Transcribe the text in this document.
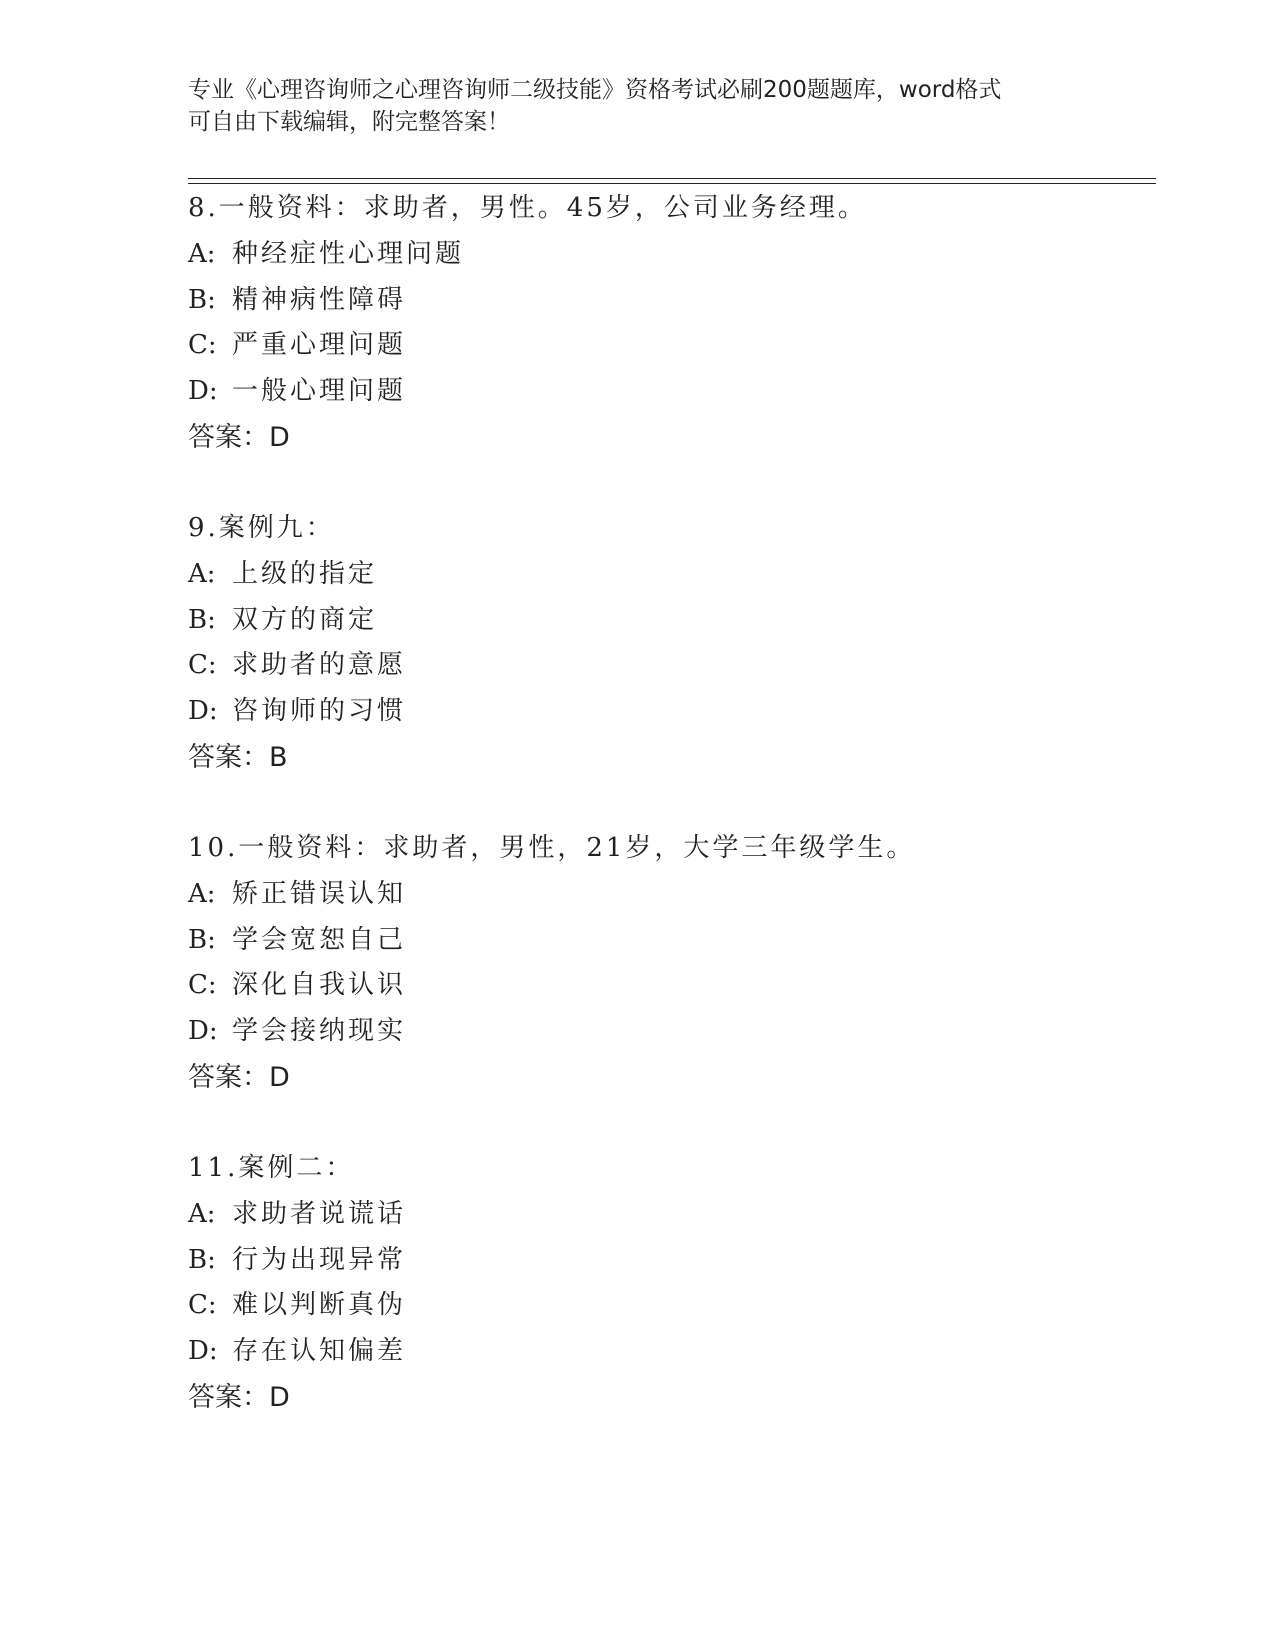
专业《心理咨询师之心理咨询师二级技能》资格考试必刷200题题库，word格式
可自由下载编辑，附完整答案！
8.一般资料：求助者，男性。45岁，公司业务经理。
A: 种经症性心理问题
B: 精神病性障碍
C: 严重心理问题
D: 一般心理问题
答案：D
9.案例九：
A: 上级的指定
B: 双方的商定
C: 求助者的意愿
D: 咨询师的习惯
答案：B
10.一般资料：求助者，男性，21岁，大学三年级学生。
A: 矫正错误认知
B: 学会宽恕自己
C: 深化自我认识
D: 学会接纳现实
答案：D
11.案例二：
A: 求助者说谎话
B: 行为出现异常
C: 难以判断真伪
D: 存在认知偏差
答案：D
